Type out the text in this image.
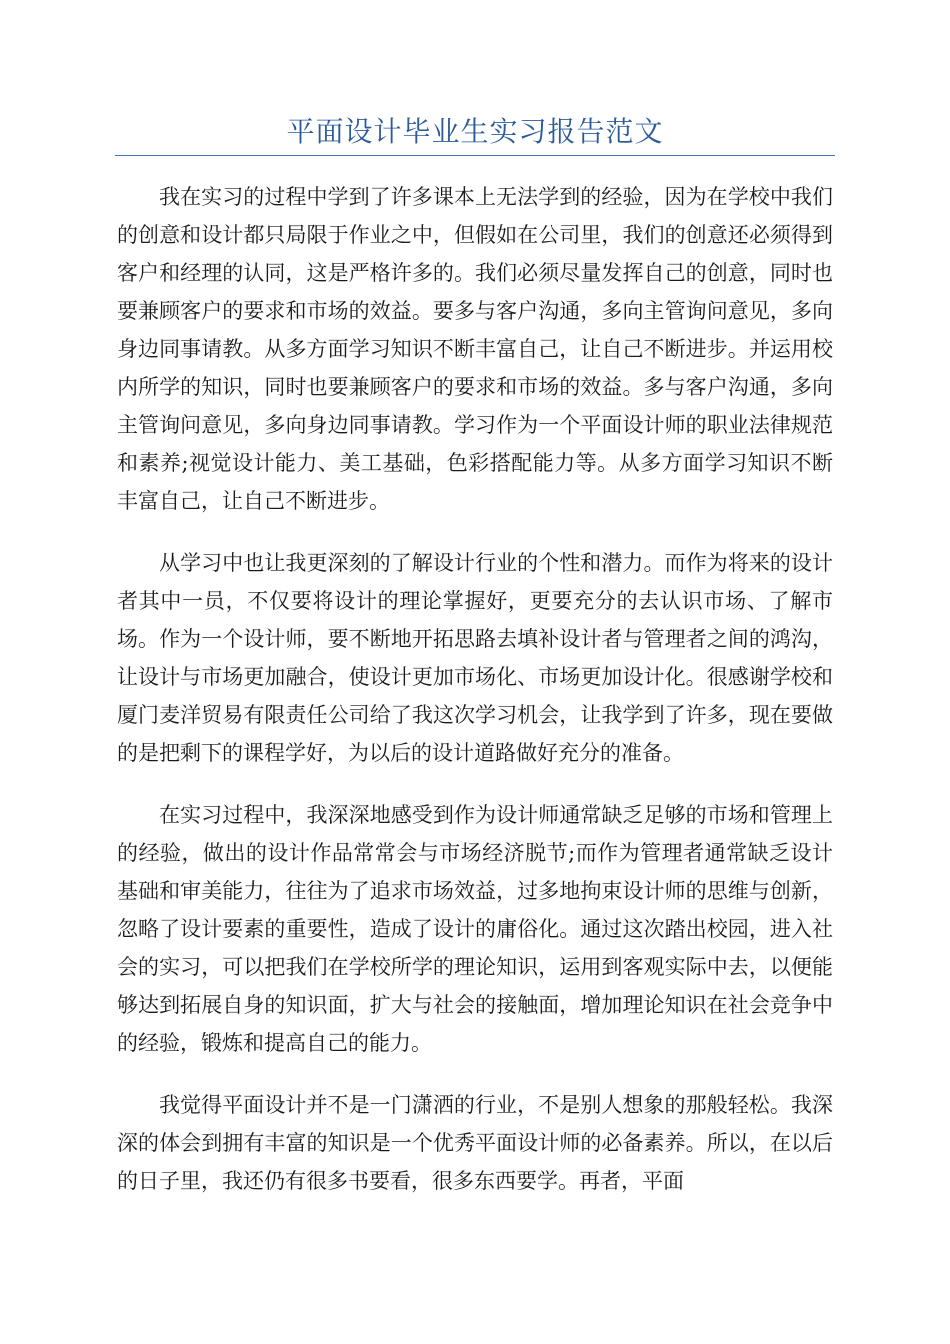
平面设计毕业生实习报告范文

我在实习的过程中学到了许多课本上无法学到的经验，因为在学校中我们的创意和设计都只局限于作业之中，但假如在公司里，我们的创意还必须得到客户和经理的认同，这是严格许多的。我们必须尽量发挥自己的创意，同时也要兼顾客户的要求和市场的效益。要多与客户沟通，多向主管询问意见，多向身边同事请教。从多方面学习知识不断丰富自己，让自己不断进步。并运用校内所学的知识，同时也要兼顾客户的要求和市场的效益。多与客户沟通，多向主管询问意见，多向身边同事请教。学习作为一个平面设计师的职业法律规范和素养;视觉设计能力、美工基础，色彩搭配能力等。从多方面学习知识不断丰富自己，让自己不断进步。

从学习中也让我更深刻的了解设计行业的个性和潜力。而作为将来的设计者其中一员，不仅要将设计的理论掌握好，更要充分的去认识市场、了解市场。作为一个设计师，要不断地开拓思路去填补设计者与管理者之间的鸿沟，让设计与市场更加融合，使设计更加市场化、市场更加设计化。很感谢学校和厦门麦洋贸易有限责任公司给了我这次学习机会，让我学到了许多，现在要做的是把剩下的课程学好，为以后的设计道路做好充分的准备。

在实习过程中，我深深地感受到作为设计师通常缺乏足够的市场和管理上的经验，做出的设计作品常常会与市场经济脱节;而作为管理者通常缺乏设计基础和审美能力，往往为了追求市场效益，过多地拘束设计师的思维与创新，忽略了设计要素的重要性，造成了设计的庸俗化。通过这次踏出校园，进入社会的实习，可以把我们在学校所学的理论知识，运用到客观实际中去，以便能够达到拓展自身的知识面，扩大与社会的接触面，增加理论知识在社会竞争中的经验，锻炼和提高自己的能力。

我觉得平面设计并不是一门潇洒的行业，不是别人想象的那般轻松。我深深的体会到拥有丰富的知识是一个优秀平面设计师的必备素养。所以，在以后的日子里，我还仍有很多书要看，很多东西要学。再者，平面
